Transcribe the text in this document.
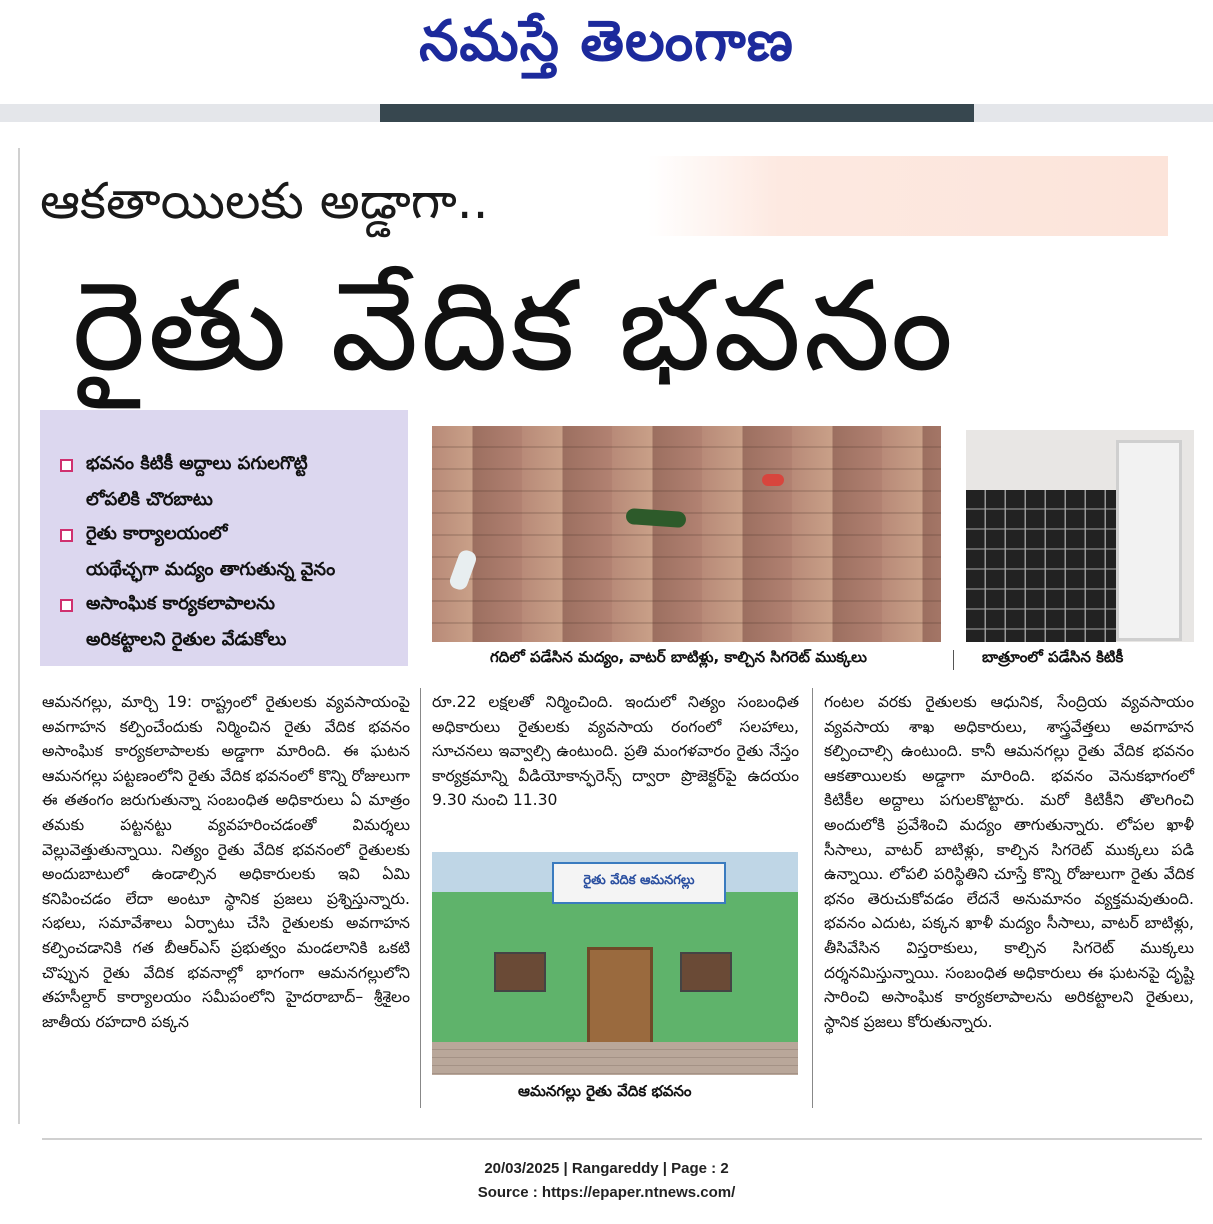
నమస్తే తెలంగాణ
ఆకతాయిలకు అడ్డాగా..
రైతు వేదిక భవనం
భవనం కిటికీ అద్దాలు పగులగొట్టి
లోపలికి చొరబాటు
రైతు కార్యాలయంలో
యథేచ్ఛగా మద్యం తాగుతున్న వైనం
అసాంఘిక కార్యకలాపాలను
అరికట్టాలని రైతుల వేడుకోలు
గదిలో పడేసిన మద్యం, వాటర్ బాటిళ్లు, కాల్చిన సిగరెట్ ముక్కలు	బాత్రూంలో పడేసిన కిటికీ
ఆమనగల్లు, మార్చి 19: రాష్ట్రంలో రైతులకు వ్యవసాయంపై అవగాహన కల్పించేందుకు నిర్మించిన రైతు వేదిక భవనం అసాంఘిక కార్యకలాపాలకు అడ్డాగా మారింది. ఈ ఘటన ఆమనగల్లు పట్టణంలోని రైతు వేదిక భవనంలో కొన్ని రోజులుగా ఈ తతంగం జరుగుతున్నా సంబంధిత అధికారులు ఏ మాత్రం తమకు పట్టనట్టు వ్యవహరించడంతో విమర్శలు వెల్లువెత్తుతున్నాయి. నిత్యం రైతు వేదిక భవనంలో రైతులకు అందుబాటులో ఉండాల్సిన అధికారులకు ఇవి ఏమి కనిపించడం లేదా అంటూ స్థానిక ప్రజలు ప్రశ్నిస్తున్నారు. సభలు, సమావేశాలు ఏర్పాటు చేసి రైతులకు అవగాహన కల్పించడానికి గత బీఆర్ఎస్ ప్రభుత్వం మండలానికి ఒకటి చొప్పున రైతు వేదిక భవనాల్లో భాగంగా ఆమనగల్లులోని తహసీల్దార్ కార్యాలయం సమీపంలోని హైదరాబాద్– శ్రీశైలం జాతీయ రహదారి పక్కన
రూ.22 లక్షలతో నిర్మించింది. ఇందులో నిత్యం సంబంధిత అధికారులు రైతులకు వ్యవసాయ రంగంలో సలహాలు, సూచనలు ఇవ్వాల్సి ఉంటుంది. ప్రతి మంగళవారం రైతు నేస్తం కార్యక్రమాన్ని వీడియోకాన్ఫరెన్స్ ద్వారా ప్రొజెక్టర్‌పై ఉదయం 9.30 నుంచి 11.30
గంటల వరకు రైతులకు ఆధునిక, సేంద్రియ వ్యవసాయం వ్యవసాయ శాఖ అధికారులు, శాస్త్రవేత్తలు అవగాహన కల్పించాల్సి ఉంటుంది. కానీ ఆమనగల్లు రైతు వేదిక భవనం ఆకతాయిలకు అడ్డాగా మారింది. భవనం వెనుకభాగంలో కిటికీల అద్దాలు పగులకొట్టారు. మరో కిటికీని తొలగించి అందులోకి ప్రవేశించి మద్యం తాగుతున్నారు. లోపల ఖాళీ సీసాలు, వాటర్ బాటిళ్లు, కాల్చిన సిగరెట్ ముక్కలు పడి ఉన్నాయి. లోపలి పరిస్థితిని చూస్తే కొన్ని రోజులుగా రైతు వేదిక భనం తెరుచుకోవడం లేదనే అనుమానం వ్యక్తమవుతుంది. భవనం ఎదుట, పక్కన ఖాళీ మద్యం సీసాలు, వాటర్ బాటిళ్లు, తీసివేసిన విస్తరాకులు, కాల్చిన సిగరెట్ ముక్కలు దర్శనమిస్తున్నాయి. సంబంధిత అధికారులు ఈ ఘటనపై దృష్టి సారించి అసాంఘిక కార్యకలాపాలను అరికట్టాలని రైతులు, స్థానిక ప్రజలు కోరుతున్నారు.
రైతు వేదిక ఆమనగల్లు
ఆమనగల్లు రైతు వేదిక భవనం
20/03/2025 | Rangareddy | Page : 2
Source : https://epaper.ntnews.com/
